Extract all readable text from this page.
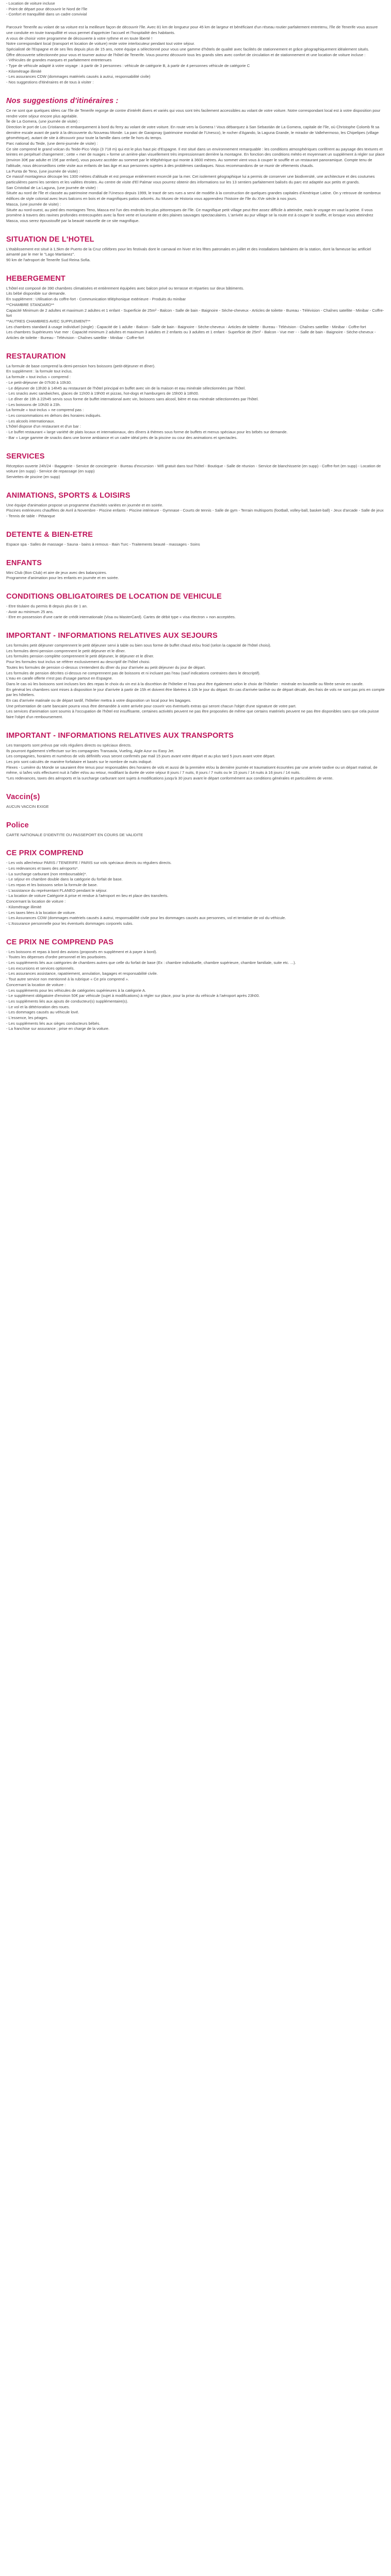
- Location de voiture incluse

- Point de départ pour découvrir le Nord de l'île

- Confort et tranquillité dans un cadre convivial

Parcourir Tenerife au volant de sa voiture est la meilleure façon de découvrir l'île. Avec 81 km de longueur pour 45 km de largeur et bénéficiant d'un réseau routier parfaitement entretenu, l'île de Tenerife vous assure une conduite en toute tranquillité et vous permet d'apprécier l'accueil et l'hospitalité des habitants.

A vous de choisir votre programme de découverte à votre rythme et en toute liberté !

Notre correspondant local (transport et location de voiture) reste votre interlocuteur pendant tout votre séjour.

Spécialisté de l'Espagne et de ses îles depuis plus de 15 ans, notre équipe a sélectionné pour vous une gamme d'hôtels de qualité avec facilités de stationnement et grâce géographiquement idéalement situés.

Offre découverte sélectionnée pour vous et tourner autour de l'hôtel de Tenerife. Vous pourrez découvrir tous les grands sites avec confort de circulation et de stationnement et une location de voiture incluse :

- Véhicules de grandes marques et parfaitement entretenues

- Type de véhicule adapté à votre voyage : à partir de 3 personnes : véhicule de catégorie B, à partir de 4 personnes véhicule de catégorie C

- Kilométrage illimité

- Les assurances CDW (dommages matériels causés à autrui, responsabilité civile)

- Nos suggestions d'itinéraires et de tous à visiter :

Nos suggestions d'itinéraires :

Ce ne sont que quelques idées car l'île de Tenerife regorge de contre d'intérêt divers et variés qui vous sont très facilement accessibles au volant de votre voiture. Notre correspondant local est à votre disposition pour rendre votre séjour encore plus agréable.

Île de La Gomera, (une journée de visite) :

Direction le port de Los Cristianos et embarquement à bord du ferry au volant de votre voiture. En route vers la Gomera ! Vous débarquez à San Sebastián de La Gomera, capitale de l'île, où Christophe Colomb fit sa dernière escale avant de partir à la découverte du Nouveau Monde. La parc de Garajonay (patrimoine mondial de l'Unesco), le rocher d'Agando, la Laguna Grande, le mirador de Vallehermoso, les Chipelipes (village géométrique), autant de site à découvrir pour toute la famille dans cette île hors du temps.

Parc national du Teide, (une demi-journée de visite) :

Ce site comprend le grand volcan du Teide-Pico Viejo (3 718 m) qui est le plus haut pic d'Espagne. Il est situé dans un environnement remarquable : les conditions atmosphériques conférent au paysage des textures et teintes en perpétuel changement ; cette « mer de nuages » forme un arrière-plan visuellement très impressionnant derrière la montagne. En fonction des conditions météo et moyennant un supplément à régler sur place (environ 30€ par adulte et 15€ par enfant), vous pouvez accéder au sommet par le téléphérique qui monte à 3600 mètres. Au sommet vient vous à couper le souffle et un restaurant panoramique. Compte tenu de l'altitude, nous déconseillons cette visite aux enfants de bas âge et aux personnes sujettes à des problèmes cardiaques. Nous recommandons de se munir de vêtements chauds.

La Punta de Teno, (une journée de visite) :

Ce massif montagneux découpe les 1300 mètres d'altitude et est presque entièrement encerclé par la mer. Cet isolement géographique lui a permis de conserver une biodiversité, une architecture et des coutumes particulières parmi les sentiers et les vallées étroites. Au centre de visite d'El Palmar vous pourrez obtenir des informations sur les 13 sentiers parfaitement balisés du parc est adaptée aux petits et grands.

San Cristobal de La Laguna, (une journée de visite) :

Située au nord de l'île et classée au patrimoine mondial de l'Unesco depuis 1999, le tracé de ses rues a servi de modèle à la construction de quelques grandes capitales d'Amérique Latine. On y retrouve de nombreux édifices de style colonial avec leurs balcons en bois et de magnifiques patios arborés. Au Museo de Historia vous apprendrez l'histoire de l'île du XVe siècle à nos jours.

Masca, (une journée de visite) :

Située au nord-ouest, au pied des montagnes Teno, Masca est l'un des endroits les plus pittoresques de l'île. Ce magnifique petit village peut être assez difficile à atteindre, mais le voyage en vaut la peine. Il vous promène à travers des ravines profondes entrecoupées avec la flore verte et luxuriante et des plaines sauvages spectaculaires. L'arrivée au pur village se la route est à couper le souffle, et lorsque vous atteindrez Masca, vous serez époustouflé par la beauté naturelle de ce site magnifique.

SITUATION DE L'HOTEL

L'établissement est situé à 1,5km de Puerto de la Cruz célèbres pour les festivals dont le carnaval en hiver et les fêtes patronales en juillet et des installations balnéaires de la station, dont la fameuse lac artificiel aimanté par le mer le "Lago Martianez".

90 km de l'aéroport de Tenerife Sud Reina Sofia.

HEBERGEMENT

L'hôtel est composé de 390 chambres climatisées et entièrement équipées avec balcon privé ou terrasse et réparties sur deux bâtiments.

Lits bébé disponible sur demande.

En supplément : Utilisation du coffre-fort - Communication téléphonique extérieure - Produits du minibar

**CHAMBRE STANDARD**

Capacité Minimum de 2 adultes et maximum 2 adultes et 1 enfant - Superficie de 25m² - Balcon - Salle de bain - Baignoire - Sèche-cheveux - Articles de toilette - Bureau - Télévision - Chaînes satellite - Minibar - Coffre-fort

**AUTRES CHAMBRES AVEC SUPPLEMENT**

Les chambres standard à usage individuel (single) : Capacité de 1 adulte - Balcon - Salle de bain - Baignoire - Sèche-cheveux - Articles de toilette - Bureau - Télévision - Chaînes satellite - Minibar - Coffre-fort

Les chambres Supérieures Vue mer : Capacité minimum 2 adultes et maximum 3 adultes et 2 enfants ou 3 adultes et 1 enfant - Superficie de 25m² - Balcon - Vue mer - - Salle de bain - Baignoire - Sèche-cheveux - Articles de toilette - Bureau - Télévision - Chaînes satellite - Minibar - Coffre-fort

RESTAURATION

La formule de base comprend la demi-pension hors boissons (petit-déjeuner et dîner).

En supplément : la formule tout inclus.

La formule « tout inclus » comprend :

- Le petit-déjeuner de 07h30 à 10h30.

- Le déjeuner de 13h30 à 14h45 au restaurant de l'hôtel principal en buffet avec vin de la maison et eau minérale sélectionnées par l'hôtel.

- Les snacks avec sandwiches, glaces de 11h00 à 19h00 et pizzas, hot-dogs et hamburgers de 15h00 à 18h00.

- Le dîner de 19h à 22h45 servis sous forme de buffet international avec vin, boissons sans alcool, bière et eau minérale sélectionnées par l'hôtel.

- Les boissons de 10h30 à 23h.

La formule « tout-inclus » ne comprend pas :

- Les consommations en dehors des horaires indiqués.

- Les alcools internationaux.

L'hôtel dispose d'un restaurant et d'un bar :

- Le buffet restaurant « large variété de plats locaux et internationaux, des dîners à thèmes sous forme de buffets et menus spéciaux pour les bébés sur demande.

- Bar « Large gamme de snacks dans une bonne ambiance et un cadre idéal près de la piscine ou cour des animations et spectacles.

SERVICES

Réception ouverte 24h/24 - Bagagerie - Service de conciergerie - Bureau d'excursion - Wifi gratuit dans tout l'hôtel - Boutique - Salle de réunion - Service de blanchisserie (en supp) - Coffre-fort (en supp) - Location de voiture (en supp) - Service de repassage (en supp)

Serviettes de piscine (en supp)

ANIMATIONS, SPORTS & LOISIRS

Une équipe d'animation propose un programme d'activités variées en journée et en soirée.

Piscines extérieures chauffées de Avril à Novembre - Piscine enfants - Piscine intérieure - Gymnase - Courts de tennis - Salle de gym - Terrain multisports (football, volley-ball, basket-ball) - Jeux d'arcade - Salle de jeux - Tennis de table - Pétanque

DETENTE & BIEN-ETRE

Espace spa - Salles de massage - Sauna - bains à remous - Bain Turc - Traitements beauté - massages - Soins

ENFANTS

Mini Club (Bon Club) et aire de jeux avec des balançoires.

Programme d'animation pour les enfants en journée et en soirée.

CONDITIONS OBLIGATOIRES DE LOCATION DE VEHICULE

- Etre titulaire du permis B depuis plus de 1 an.

- Avoir au minimum 25 ans.

- Etre en possession d'une carte de crédit internationale (Visa ou MasterCard). Cartes de débit type « visa électron » non acceptées.

IMPORTANT - INFORMATIONS RELATIVES AUX SEJOURS

Les formules petit déjeuner comprennent le petit déjeuner servi à table ou bien sous forme de buffet chaud et/ou froid (selon la capacité de l'hôtel choisi).

Les formules demi-pension comprennent le petit déjeuner et le dîner.

Les formules pension complète comprennent le petit déjeuner, le déjeuner et le dîner.

Pour les formules tout inclus se référer exclusivement au descriptif de l'hôtel choisi.

Toutes les formules de pension ci-dessus s'entendent du dîner du jour d'arrivée au petit déjeuner du jour de départ.

Les formules de pension décrites ci-dessus ne comprennent pas de boissons et ni incluant pas l'eau (sauf indications contraires dans le descriptif).

L'eau en carafe offerte n'est pas d'usage partout en Espagne.

Dans le cas où les boissons sont incluses lors des repas le choix du vin est à la discrétion de l'hôtelier et l'eau peut être également selon le choix de l'hôtelier : minérale en bouteille ou filtrée servie en carafe.

En général les chambres sont mises à disposition le jour d'arrivée à partir de 15h et doivent être libérées à 10h le jour du départ. En cas d'arrivée tardive ou de départ décalé, des frais de vols ne sont pas pris en compte par les hôteliers.

En cas d'arrivée matinale ou de départ tardif, l'hôtelier mettra à votre disposition un local pour les bagages.

Une présentation de carte bancaire pourra vous être demandée à votre arrivée pour couvrir vos éventuels extras qui seront chacun l'objet d'une signature de votre part.

Les services d'animation sont soumis à l'occupation de l'hôtel est insuffisante, certaines activités peuvent ne pas être proposées de même que certains matériels peuvent ne pas être disponibles sans que cela puisse faire l'objet d'un remboursement.

IMPORTANT - INFORMATIONS RELATIVES AUX TRANSPORTS

Les transports sont prévus par vols réguliers directs ou spéciaux directs.

Ils pourront également s'effectuer sur les compagnies Transavia, Vueling, Aigle Azur ou Easy Jet.

Les compagnies, horaires et numéros de vols définitifs vous seront confirmés par mail 15 jours avant votre départ et au plus tard 5 jours avant votre départ.

Les prix sont calculés de manière forfaitaire et basés sur le nombre de nuits indiqué.

Flexes - Lumière du Monde se sauraient être tenus pour responsables des horaires de vols et aussi de la première et/ou la dernière journée et traumatisent écourtées par une arrivée tardive ou un départ matinal, de même, si la/les vols effectuent nuit à l'aller et/ou au retour, modifiant la durée de votre séjour 8 jours / 7 nuits, 8 jours / 7 nuits ou le 15 jours / 14 nuits à 16 jours / 14 nuits.

*Les redevances, taxes des aéroports et la surcharge carburant sont sujets à modifications jusqu'à 30 jours avant le départ conformément aux conditions générales et particulières de vente.

Vaccin(s)

AUCUN VACCIN EXIGE

Police

CARTE NATIONALE D'IDENTITE OU PASSEPORT EN COURS DE VALIDITE

CE PRIX COMPREND

- Les vols aller/retour PARIS / TENERIFE / PARIS sur vols spéciaux directs ou réguliers directs.

- Les redevances et taxes des aéroports*.

- La surcharge carburant (non remboursable)*.

- Le séjour en chambre double dans la catégorie du forfait de base.

- Les repas et les boissons selon la formule de base.

- L'assistance du représentant FLANEO pendant le séjour.

- La location de voiture Catégorie A prise et rendue à l'aéroport en lieu et place des transferts.

Concernant la location de voiture :

- Kilométrage illimité

- Les taxes liées à la location de voiture.

- Les Assurances CDW (dommages matériels causés à autrui, responsabilité civile pour les dommages causés aux personnes, vol et tentative de vol du véhicule.

- L'Assurance personnelle pour les éventuels dommages corporels subis.

CE PRIX NE COMPREND PAS

- Les boissons et repas à bord des avions (proposés en supplément et à payer à bord).

- Toutes les dépenses d'ordre personnel et les pourboires.

- Les suppléments liés aux catégories de chambres autres que celle du forfait de base (Ex : chambre individuelle, chambre supérieure, chambre familiale, suite etc. ...).

- Les excursions et services optionnels.

- Les assurances assistance, rapatriement, annulation, bagages et responsabilité civile.

- Tout autre service non mentionné à la rubrique « Ce prix comprend ».

Concernant la location de voiture :

- Les suppléments pour les véhicules de catégories supérieures à la catégorie A.

- Le supplément obligatoire d'environ 50€ par véhicule (sujet à modifications) à régler sur place, pour la prise du véhicule à l'aéroport après 23h00.

- Les suppléments liés aux ajouts de conducteur(s) supplémentaire(s).

- Le vol et la détérioration des roues.

- Les dommages causés au véhicule lové.

- L'essence, les péages.

- Les suppléments liés aux sièges conducteurs bébés.

- La franchise sur assurance ; prise en charge de la voiture.
